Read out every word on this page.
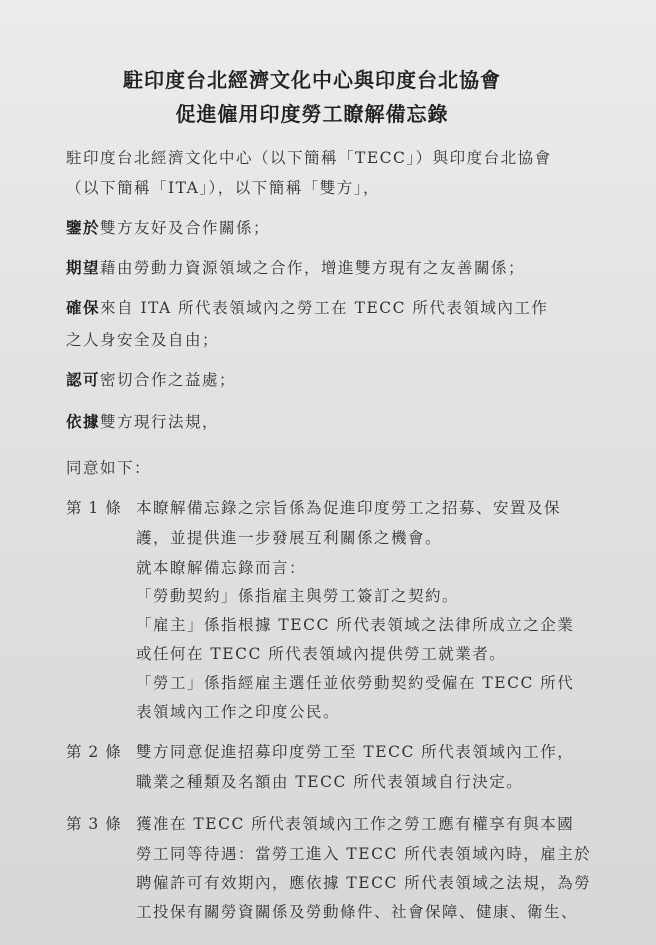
駐印度台北經濟文化中心與印度台北協會
促進僱用印度勞工瞭解備忘錄
駐印度台北經濟文化中心（以下簡稱「TECC」）與印度台北協會
（以下簡稱「ITA」），以下簡稱「雙方」，
鑒於雙方友好及合作關係；
期望藉由勞動力資源領域之合作，增進雙方現有之友善關係；
確保來自 ITA 所代表領域內之勞工在 TECC 所代表領域內工作
之人身安全及自由；
認可密切合作之益處；
依據雙方現行法規，
同意如下：
第 1 條 本瞭解備忘錄之宗旨係為促進印度勞工之招募、安置及保
護，並提供進一步發展互利關係之機會。
就本瞭解備忘錄而言：
「勞動契約」係指雇主與勞工簽訂之契約。
「雇主」係指根據 TECC 所代表領域之法律所成立之企業
或任何在 TECC 所代表領域內提供勞工就業者。
「勞工」係指經雇主選任並依勞動契約受僱在 TECC 所代
表領域內工作之印度公民。
第 2 條 雙方同意促進招募印度勞工至 TECC 所代表領域內工作，
職業之種類及名額由 TECC 所代表領域自行決定。
第 3 條 獲准在 TECC 所代表領域內工作之勞工應有權享有與本國
勞工同等待遇：當勞工進入 TECC 所代表領域內時，雇主於
聘僱許可有效期內，應依據 TECC 所代表領域之法規，為勞
工投保有關勞資關係及勞動條件、社會保障、健康、衛生、
